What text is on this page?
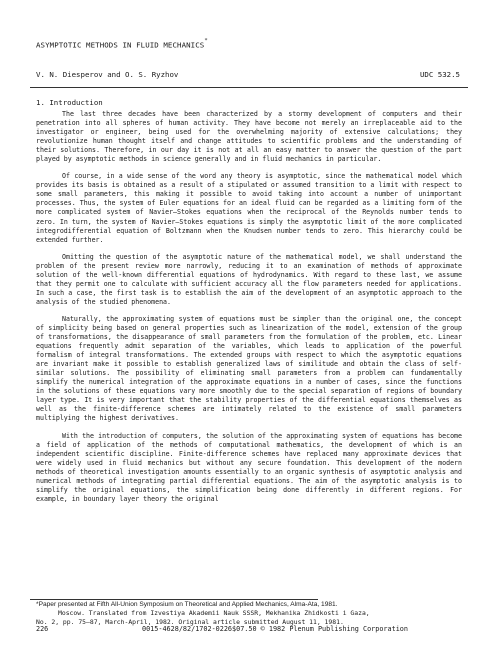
ASYMPTOTIC METHODS IN FLUID MECHANICS*
V. N. Diesperov and O. S. Ryzhov	UDC 532.5
1. Introduction

The last three decades have been characterized by a stormy development of computers and their penetration into all spheres of human activity. They have become not merely an irreplaceable aid to the investigator or engineer, being used for the overwhelming majority of extensive calculations; they revolutionize human thought itself and change attitudes to scientific problems and the understanding of their solutions. Therefore, in our day it is not at all an easy matter to answer the question of the part played by asymptotic methods in science generally and in fluid mechanics in particular.

Of course, in a wide sense of the word any theory is asymptotic, since the mathematical model which provides its basis is obtained as a result of a stipulated or assumed transition to a limit with respect to some small parameters, this making it possible to avoid taking into account a number of unimportant processes. Thus, the system of Euler equations for an ideal fluid can be regarded as a limiting form of the more complicated system of Navier–Stokes equations when the reciprocal of the Reynolds number tends to zero. In turn, the system of Navier–Stokes equations is simply the asymptotic limit of the more complicated integrodifferential equation of Boltzmann when the Knudsen number tends to zero. This hierarchy could be extended further.

Omitting the question of the asymptotic nature of the mathematical model, we shall understand the problem of the present review more narrowly, reducing it to an examination of methods of approximate solution of the well-known differential equations of hydrodynamics. With regard to these last, we assume that they permit one to calculate with sufficient accuracy all the flow parameters needed for applications. In such a case, the first task is to establish the aim of the development of an asymptotic approach to the analysis of the studied phenomena.

Naturally, the approximating system of equations must be simpler than the original one, the concept of simplicity being based on general properties such as linearization of the model, extension of the group of transformations, the disappearance of small parameters from the formulation of the problem, etc. Linear equations frequently admit separation of the variables, which leads to application of the powerful formalism of integral transformations. The extended groups with respect to which the asymptotic equations are invariant make it possible to establish generalized laws of similitude and obtain the class of self-similar solutions. The possibility of eliminating small parameters from a problem can fundamentally simplify the numerical integration of the approximate equations in a number of cases, since the functions in the solutions of these equations vary more smoothly due to the special separation of regions of boundary layer type. It is very important that the stability properties of the differential equations themselves as well as the finite-difference schemes are intimately related to the existence of small parameters multiplying the highest derivatives.

With the introduction of computers, the solution of the approximating system of equations has become a field of application of the methods of computational mathematics, the development of which is an independent scientific discipline. Finite-difference schemes have replaced many approximate devices that were widely used in fluid mechanics but without any secure foundation. This development of the modern methods of theoretical investigation amounts essentially to an organic synthesis of asymptotic analysis and numerical methods of integrating partial differential equations. The aim of the asymptotic analysis is to simplify the original equations, the simplification being done differently in different regions. For example, in boundary layer theory the original

*Paper presented at Fifth All-Union Symposium on Theoretical and Applied Mechanics, Alma-Ata, 1981.
Moscow. Translated from Izvestiya Akademii Nauk SSSR, Mekhanika Zhidkosti i Gaza,
No. 2, pp. 75–87, March-April, 1982. Original article submitted August 11, 1981.
226	0015-4628/82/1702-0226$07.50 © 1982 Plenum Publishing Corporation
